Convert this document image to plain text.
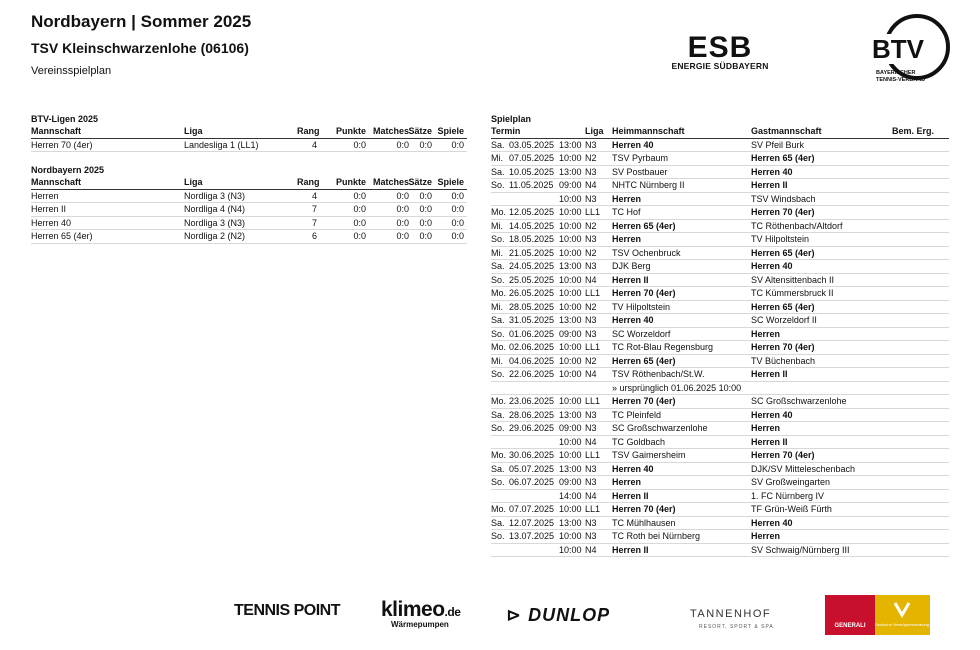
Nordbayern | Sommer 2025
TSV Kleinschwarzenlohe (06106)
Vereinsspielplan
ESB
ENERGIE SÜDBAYERN
BTV
BAYERISCHER
TENNIS-VERBAND
BTV-Ligen 2025
Mannschaft	Liga	Rang	Punkte Matches Sätze Spiele
Herren 70 (4er)	Landesliga 1 (LL1)	4	0:0	0:0	0:0	0:0
Nordbayern 2025
Mannschaft	Liga	Rang	Punkte Matches Sätze Spiele
Herren	Nordliga 3 (N3)	4	0:0	0:0	0:0	0:0
Herren II	Nordliga 4 (N4)	7	0:0	0:0	0:0	0:0
Herren 40	Nordliga 3 (N3)	7	0:0	0:0	0:0	0:0
Herren 65 (4er)	Nordliga 2 (N2)	6	0:0	0:0	0:0	0:0
Spielplan
Termin	Liga Heimmannschaft	Gastmannschaft	Bem. Erg.
Sa. 03.05.2025 13:00 N3 Herren 40	SV Pfeil Burk
Mi. 07.05.2025 10:00 N2 TSV Pyrbaum	Herren 65 (4er)
Sa. 10.05.2025 13:00 N3 SV Postbauer	Herren 40
So. 11.05.2025 09:00 N4 NHTC Nürnberg II	Herren II
10:00 N3 Herren	TSV Windsbach
Mo. 12.05.2025 10:00 LL1 TC Hof	Herren 70 (4er)
Mi. 14.05.2025 10:00 N2 Herren 65 (4er)	TC Röthenbach/Altdorf
So. 18.05.2025 10:00 N3 Herren	TV Hilpoltstein
Mi. 21.05.2025 10:00 N2 TSV Ochenbruck	Herren 65 (4er)
Sa. 24.05.2025 13:00 N3 DJK Berg	Herren 40
So. 25.05.2025 10:00 N4 Herren II	SV Altensittenbach II
Mo. 26.05.2025 10:00 LL1 Herren 70 (4er)	TC Kümmersbruck II
Mi. 28.05.2025 10:00 N2 TV Hilpoltstein	Herren 65 (4er)
Sa. 31.05.2025 13:00 N3 Herren 40	SC Worzeldorf II
So. 01.06.2025 09:00 N3 SC Worzeldorf	Herren
Mo. 02.06.2025 10:00 LL1 TC Rot-Blau Regensburg	Herren 70 (4er)
Mi. 04.06.2025 10:00 N2 Herren 65 (4er)	TV Büchenbach
So. 22.06.2025 10:00 N4 TSV Röthenbach/St.W.	Herren II
» ursprünglich 01.06.2025 10:00
Mo. 23.06.2025 10:00 LL1 Herren 70 (4er)	SC Großschwarzenlohe
Sa. 28.06.2025 13:00 N3 TC Pleinfeld	Herren 40
So. 29.06.2025 09:00 N3 SC Großschwarzenlohe	Herren
10:00 N4 TC Goldbach	Herren II
Mo. 30.06.2025 10:00 LL1 TSV Gaimersheim	Herren 70 (4er)
Sa. 05.07.2025 13:00 N3 Herren 40	DJK/SV Mitteleschenbach
So. 06.07.2025 09:00 N3 Herren	SV Großweingarten
14:00 N4 Herren II	1. FC Nürnberg IV
Mo. 07.07.2025 10:00 LL1 Herren 70 (4er)	TF Grün-Weiß Fürth
Sa. 12.07.2025 13:00 N3 TC Mühlhausen	Herren 40
So. 13.07.2025 10:00 N3 TC Roth bei Nürnberg	Herren
10:00 N4 Herren II	SV Schwaig/Nürnberg III
TENNIS POINT klimeo.de
Wärmepumpen	⊳ DUNLOP	TANNENHOF
RESORT, SPORT & SPA	GENERALI Deutsche Vermögensberatung
